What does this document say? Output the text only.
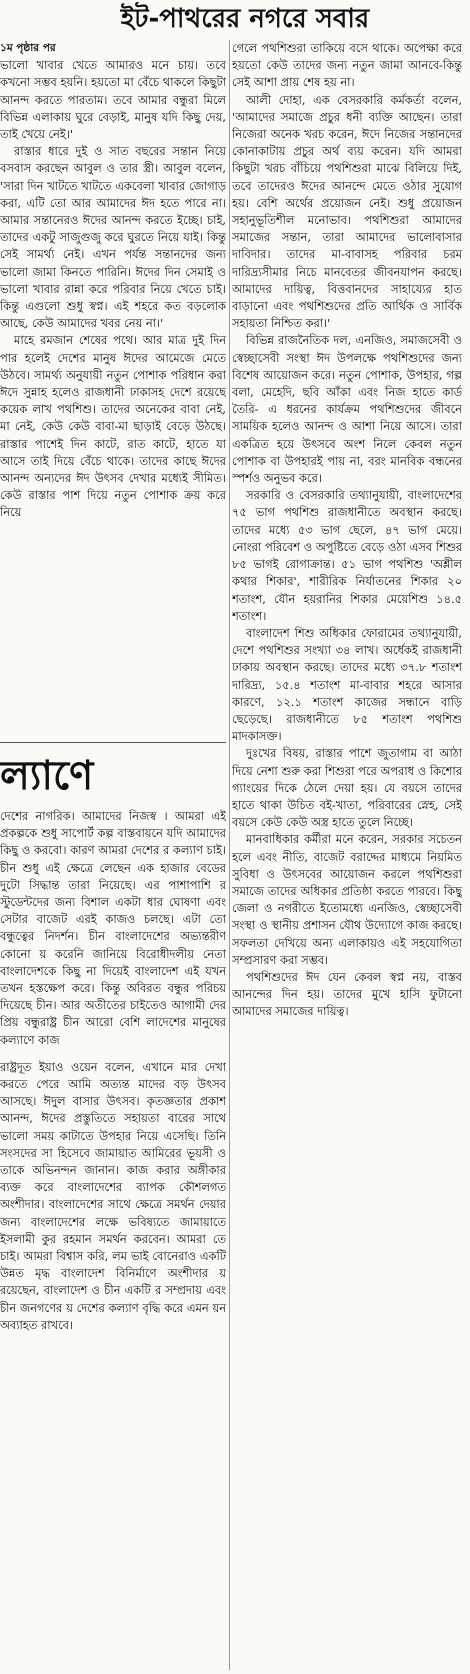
ইট-পাথরের নগরে সবার

১ম পৃষ্ঠার পর
ভালো খাবার খেতে আমারও মনে চায়। তবে কখনো সম্ভব হয়নি। হয়তো মা বেঁচে থাকলে কিছুটা আনন্দ করতে পারতাম। তবে আমার বন্ধুরা মিলে বিভিন্ন এলাকায় ঘুরে বেড়াই, মানুষ যদি কিছু দেয়, তাই খেয়ে নেই।'

রাস্তার ধারে দুই ও সাত বছরের সন্তান নিয়ে বসবাস করছেন আবুল ও তার স্ত্রী। আবুল বলেন, 'সারা দিন খাটতে খাটতে একবেলা খাবার জোগাড় করা, এটি তো আর আমাদের ঈদ হতে পারে না। আমার সন্তানেরও ঈদের আনন্দ করতে ইচ্ছে। চাই, তাদের একটু সাজুগুজু করে ঘুরতে নিয়ে যাই। কিন্তু সেই সামর্থ্য নেই। এখন পর্যন্ত সন্তানদের জন্য ভালো জামা কিনতে পারিনি। ঈদের দিন সেমাই ও ভালো খাবার রান্না করে পরিবার নিয়ে খেতে চাই। কিন্তু এগুলো শুধু স্বপ্ন। এই শহরে কত বড়লোক আছে, কেউ আমাদের খবর নেয় না।'

মাহে রমজান শেষের পথে। আর মাত্র দুই দিন পার হলেই দেশের মানুষ ঈদের আমেজে মেতে উঠবে। সামর্থ্য অনুযায়ী নতুন পোশাক পরিধান করা ঈদে সুন্নাহ হলেও রাজধানী ঢাকাসহ দেশে রয়েছে কয়েক লাখ পথশিশু। তাদের অনেকের বাবা নেই, মা নেই, কেউ কেউ বাবা-মা ছাড়াই বেড়ে উঠছে। রাস্তার পাশেই দিন কাটে, রাত কাটে, হাতে যা আসে তাই দিয়ে বেঁচে থাকে। তাদের কাছে ঈদের আনন্দ অন্যদের ঈদ উৎসব দেখার মধ্যেই সীমিত। কেউ রাস্তার পাশ দিয়ে নতুন পোশাক ক্রয় করে নিয়ে

ল্যাণে

দেশের নাগরিক। আমাদের নিজস্ব । আমরা এই প্রকল্পকে শুধু সাপোর্ট কল্প বাস্তবায়নে যদি আমাদের কিছু ও করবো। কারণ আমরা দেশের র কল্যাণ চাই। চীন শুধু এই ক্ষেত্রে লেছেন এক হাজার বেডের দুটো সিদ্ধান্ত তারা নিয়েছে। এর পাশাপাশি র স্টুডেন্টদের জন্য বিশাল একটা ধার ঘোষণা এবং সেটার বাজেট এরই কাজও চলছে। এটা তো বন্ধুত্বের নিদর্শন। চীন বাংলাদেশের অভ্যন্তরীণ কোনো য় করেনি জানিয়ে বিরোধীদলীয় নেতা বাংলাদেশকে কিছু না দিয়েই বাংলাদেশ এই যখন তখন হস্তক্ষেপ করে। কিন্তু অবিরত বন্ধুর পরিচয় দিয়েছে চীন। আর অতীতের চাইতেও আগামী দের প্রিয় বন্ধুরাষ্ট্র চীন আরো বেশি লাদেশের মানুষের কল্যাণে কাজ

রাষ্ট্রদূত ইয়াও ওয়েন বলেন, এখানে মার দেখা করতে পেরে আমি অত্যন্ত মাদের বড় উৎসব আসছে। ঈদুল বাসার উৎসব। কৃতজ্ঞতার প্রকাশ আনন্দ, ঈদের প্রস্তুতিতে সহায়তা বারের সাথে ভালো সময় কাটাতে উপহার নিয়ে এসেছি। তিনি সংসদের সা হিসেবে জামায়াত আমিরের ভূয়সী ও তাকে অভিনন্দন জানান। কাজ করার অঙ্গীকার ব্যক্ত করে বাংলাদেশের ব্যাপক কৌশলগত অংশীদার। বাংলাদেশের সাথে ক্ষেত্রে সমর্থন দেয়ার জন্য বাংলাদেশের লক্ষে ভবিষ্যতে জামায়াতে ইসলামী কুর রহমান সমর্থন করবেন। আমরা তে চাই। আমরা বিশ্বাস করি, লম ভাই বোনেরাও একটি উন্নত মৃদ্ধ বাংলাদেশ বিনির্মাণে অংশীদার য় রয়েছেন, বাংলাদেশ ও চীন একটি র সম্প্রদায় এবং চীন জনগণের য় দেশের কল্যাণ বৃদ্ধি করে এমন য়ন অব্যাহত রাখবে।

গেলে পথশিশুরা তাকিয়ে বসে থাকে। অপেক্ষা করে হয়তো কেউ তাদের জন্য নতুন জামা আনবে-কিন্তু সেই আশা প্রায় শেষ হয় না।

আলী দোহা, এক বেসরকারি কর্মকর্তা বলেন, 'আমাদের সমাজে প্রচুর ধনী ব্যক্তি আছেন। তারা নিজেরা অনেক খরচ করেন, ঈদে নিজের সন্তানদের কোনাকাটায় প্রচুর অর্থ ব্যয় করেন। যদি আমরা কিছুটা খরচ বাঁচিয়ে পথশিশুরা মাঝে বিলিয়ে দিই, তবে তাদেরও ঈদের আনন্দে মেতে ওঠার সুযোগ হয়। বেশি অর্থের প্রয়োজন নেই। শুধু প্রয়োজন সহানুভূতিশীল মনোভাব। পথশিশুরা আমাদের সমাজের সন্তান, তারা আমাদের ভালোবাসার দাবিদার। তাদের মা-বাবাসহ পরিবার চরম দারিদ্র্যসীমার নিচে মানবেতর জীবনযাপন করছে। আমাদের দায়িত্ব, বিত্তবানদের সাহায্যের হাত বাড়ানো এবং পথশিশুদের প্রতি আর্থিক ও সার্বিক সহায়তা নিশ্চিত করা।'

বিভিন্ন রাজনৈতিক দল, এনজিও, সমাজসেবী ও স্বেচ্ছাসেবী সংস্থা ঈদ উপলক্ষে পথশিশুদের জন্য বিশেষ আয়োজন করে। নতুন পোশাক, উপহার, গল্প বলা, মেহেদি, ছবি আঁকা এবং নিজ হাতে কার্ড তৈরি- এ ধরনের কার্যক্রম পথশিশুদের জীবনে সাময়িক হলেও আনন্দ ও আশা নিয়ে আসে। তারা একত্রিত হয়ে উৎসবে অংশ নিলে কেবল নতুন পোশাক বা উপহারই পায় না, বরং মানবিক বন্ধনের স্পর্শও অনুভব করে।

সরকারি ও বেসরকারি তথ্যানুযায়ী, বাংলাদেশের ৭৫ ভাগ পথশিশু রাজধানীতে অবস্থান করছে। তাদের মধ্যে ৫৩ ভাগ ছেলে, ৪৭ ভাগ মেয়ে। নোংরা পরিবেশ ও অপুষ্টিতে বেড়ে ওঠা এসব শিশুর ৮৫ ভাগই রোগাক্রান্ত। ৫১ ভাগ পথশিশু 'অশ্লীল কথার শিকার', শারীরিক নির্যাতনের শিকার ২০ শতাংশ, যৌন হয়রানির শিকার মেয়েশিশু ১৪.৫ শতাংশ।

বাংলাদেশ শিশু অধিকার ফোরামের তথ্যানুযায়ী, দেশে পথশিশুর সংখ্যা ৩৪ লাখ। অর্ধেকই রাজধানী ঢাকায় অবস্থান করছে। তাদের মধ্যে ৩৭.৮ শতাংশ দারিদ্র্য, ১৫.৪ শতাংশ মা-বাবার শহরে আসার কারণে, ১২.১ শতাংশ কাজের সন্ধানে বাড়ি ছেড়েছে। রাজধানীতে ৮৫ শতাংশ পথশিশু মাদকাসক্ত।

দুঃখের বিষয়, রাস্তার পাশে জুতাগাম বা আঠা দিয়ে নেশা শুরু করা শিশুরা পরে অপরাধ ও কিশোর গ্যাংয়ের দিকে ঠেলে দেয়া হয়। যে বয়সে তাদের হাতে থাকা উচিত বই-খাতা, পরিবারের স্নেহ, সেই বয়সে কেউ কেউ অস্ত্র হাতে তুলে নিচ্ছে।

মানবাধিকার কর্মীরা মনে করেন, সরকার সচেতন হলে এবং নীতি, বাজেট বরাদ্দের মাধ্যমে নিয়মিত সুবিধা ও উৎসবের আয়োজন করলে পথশিশুরা সমাজে তাদের অধিকার প্রতিষ্ঠা করতে পারবে। কিছু জেলা ও নগরীতে ইতোমধ্যে এনজিও, স্বেচ্ছাসেবী সংস্থা ও স্থানীয় প্রশাসন যৌথ উদ্যোগে কাজ করছে। সফলতা দেখিয়ে অন্য এলাকায়ও এই সহযোগিতা সম্প্রসারণ করা সম্ভব।

পথশিশুদের ঈদ যেন কেবল স্বপ্ন নয়, বাস্তব আনন্দের দিন হয়। তাদের মুখে হাসি ফুটানো আমাদের সমাজের দায়িত্ব।
